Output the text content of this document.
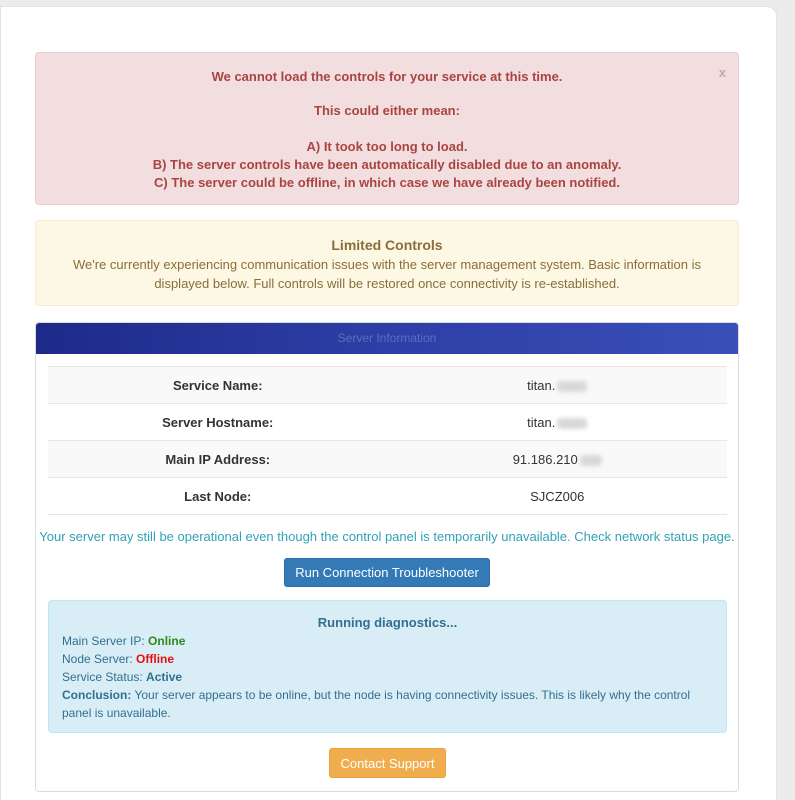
x
We cannot load the controls for your service at this time.
This could either mean:
A) It took too long to load.
B) The server controls have been automatically disabled due to an anomaly.
C) The server could be offline, in which case we have already been notified.
Limited Controls
We're currently experiencing communication issues with the server management system. Basic information is displayed below. Full controls will be restored once connectivity is re-established.
Server Information
Service Name:	titan.
Server Hostname:	titan.
Main IP Address:	91.186.210
Last Node:	SJCZ006
Your server may still be operational even though the control panel is temporarily unavailable. Check network status page.
Run Connection Troubleshooter
Running diagnostics...
Main Server IP: Online
Node Server: Offline
Service Status: Active
Conclusion: Your server appears to be online, but the node is having connectivity issues. This is likely why the control panel is unavailable.
Contact Support
